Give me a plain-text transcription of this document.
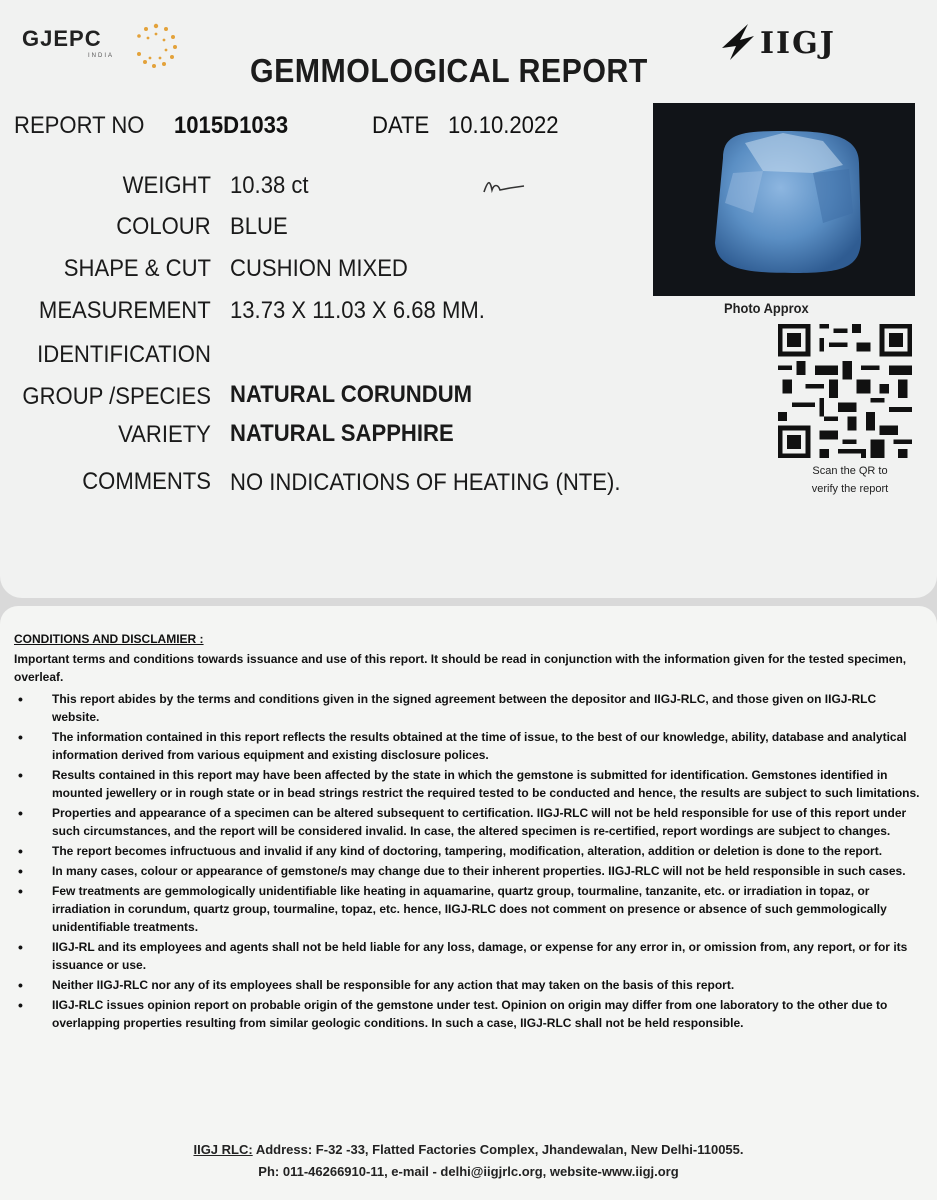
GJEPC
INDIA	IIGJ
GEMMOLOGICAL REPORT
REPORT NO 1015D1033	DATE 10.10.2022
WEIGHT 10.38 ct
COLOUR BLUE
SHAPE & CUT CUSHION MIXED
MEASUREMENT 13.73 X 11.03 X 6.68 MM.
IDENTIFICATION
GROUP /SPECIES NATURAL CORUNDUM
VARIETY NATURAL SAPPHIRE
COMMENTS NO INDICATIONS OF HEATING (NTE).
Photo Approx
Scan the QR to
verify the report
CONDITIONS AND DISCLAMIER :
Important terms and conditions towards issuance and use of this report. It should be read in conjunction with the information given for the tested specimen, overleaf.
• This report abides by the terms and conditions given in the signed agreement between the depositor and IIGJ-RLC, and those given on IIGJ-RLC website.
• The information contained in this report reflects the results obtained at the time of issue, to the best of our knowledge, ability, database and analytical information derived from various equipment and existing disclosure polices.
• Results contained in this report may have been affected by the state in which the gemstone is submitted for identification. Gemstones identified in mounted jewellery or in rough state or in bead strings restrict the required tested to be conducted and hence, the results are subject to such limitations.
• Properties and appearance of a specimen can be altered subsequent to certification. IIGJ-RLC will not be held responsible for use of this report under such circumstances, and the report will be considered invalid. In case, the altered specimen is re-certified, report wordings are subject to changes.
• The report becomes infructuous and invalid if any kind of doctoring, tampering, modification, alteration, addition or deletion is done to the report.
• In many cases, colour or appearance of gemstone/s may change due to their inherent properties. IIGJ-RLC will not be held responsible in such cases.
• Few treatments are gemmologically unidentifiable like heating in aquamarine, quartz group, tourmaline, tanzanite, etc. or irradiation in topaz, or irradiation in corundum, quartz group, tourmaline, topaz, etc. hence, IIGJ-RLC does not comment on presence or absence of such gemmologically unidentifiable treatments.
• IIGJ-RL and its employees and agents shall not be held liable for any loss, damage, or expense for any error in, or omission from, any report, or for its issuance or use.
• Neither IIGJ-RLC nor any of its employees shall be responsible for any action that may taken on the basis of this report.
• IIGJ-RLC issues opinion report on probable origin of the gemstone under test. Opinion on origin may differ from one laboratory to the other due to overlapping properties resulting from similar geologic conditions. In such a case, IIGJ-RLC shall not be held responsible.
IIGJ RLC: Address: F-32 -33, Flatted Factories Complex, Jhandewalan, New Delhi-110055.
Ph: 011-46266910-11, e-mail - delhi@iigjrlc.org, website-www.iigj.org
